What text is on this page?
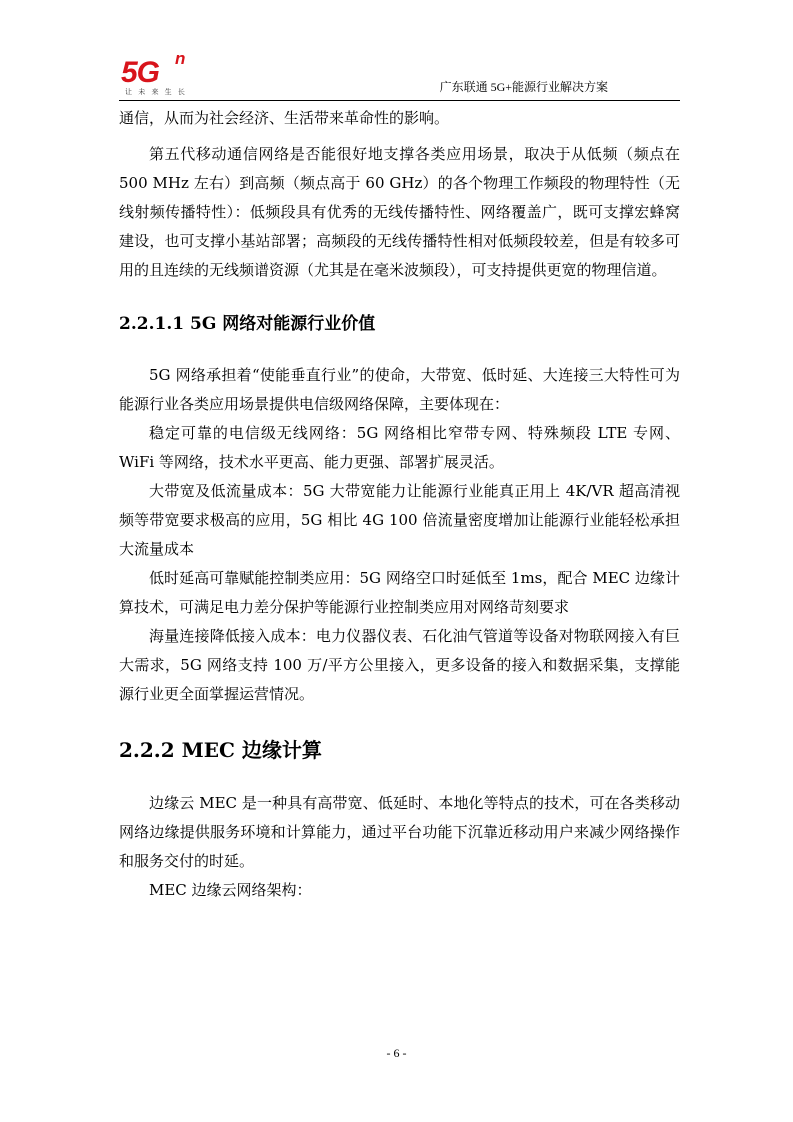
5G n
让 未 来 生 长	广东联通 5G+能源行业解决方案

通信，从而为社会经济、生活带来革命性的影响。

第五代移动通信网络是否能很好地支撑各类应用场景，取决于从低频（频点在 500 MHz 左右）到高频（频点高于 60 GHz）的各个物理工作频段的物理特性（无线射频传播特性）：低频段具有优秀的无线传播特性、网络覆盖广，既可支撑宏蜂窝建设，也可支撑小基站部署；高频段的无线传播特性相对低频段较差，但是有较多可用的且连续的无线频谱资源（尤其是在毫米波频段），可支持提供更宽的物理信道。

2.2.1.1 5G 网络对能源行业价值

5G 网络承担着“使能垂直行业”的使命，大带宽、低时延、大连接三大特性可为能源行业各类应用场景提供电信级网络保障，主要体现在：

稳定可靠的电信级无线网络：5G 网络相比窄带专网、特殊频段 LTE 专网、WiFi 等网络，技术水平更高、能力更强、部署扩展灵活。

大带宽及低流量成本：5G 大带宽能力让能源行业能真正用上 4K/VR 超高清视频等带宽要求极高的应用，5G 相比 4G 100 倍流量密度增加让能源行业能轻松承担大流量成本

低时延高可靠赋能控制类应用：5G 网络空口时延低至 1ms，配合 MEC 边缘计算技术，可满足电力差分保护等能源行业控制类应用对网络苛刻要求

海量连接降低接入成本：电力仪器仪表、石化油气管道等设备对物联网接入有巨大需求，5G 网络支持 100 万/平方公里接入，更多设备的接入和数据采集，支撑能源行业更全面掌握运营情况。

2.2.2 MEC 边缘计算

边缘云 MEC 是一种具有高带宽、低延时、本地化等特点的技术，可在各类移动网络边缘提供服务环境和计算能力，通过平台功能下沉靠近移动用户来减少网络操作和服务交付的时延。

MEC 边缘云网络架构：

- 6 -
